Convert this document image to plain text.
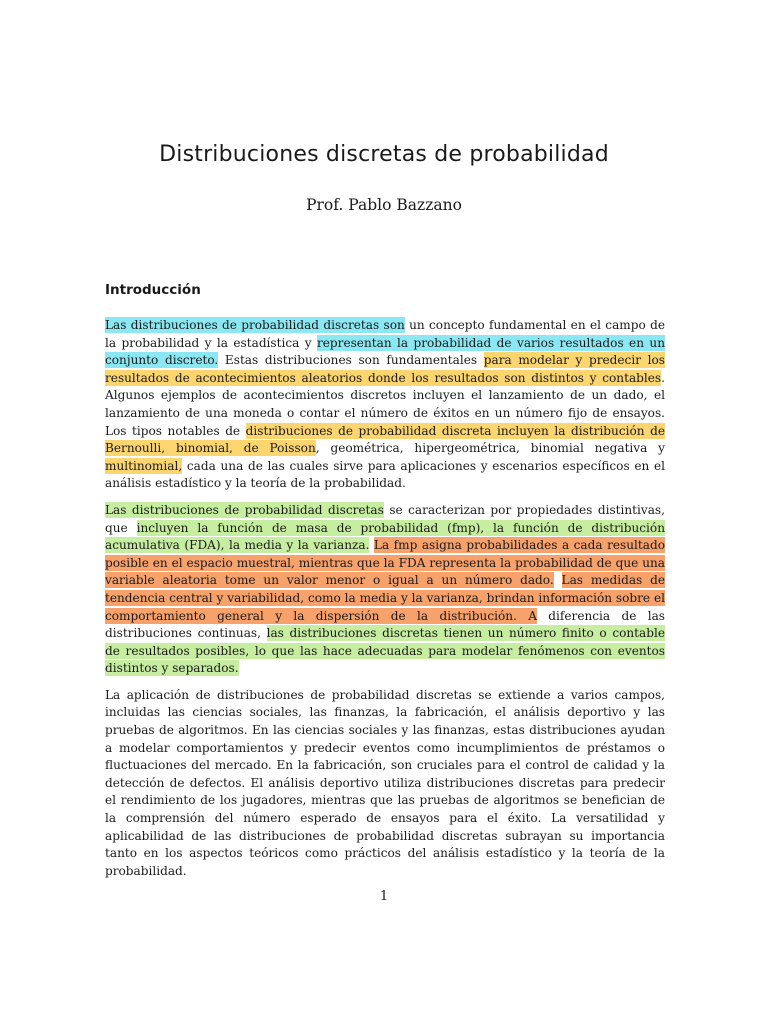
Distribuciones discretas de probabilidad

Prof. Pablo Bazzano

Introducción

Las distribuciones de probabilidad discretas son un concepto fundamental en el campo de la probabilidad y la estadística y representan la probabilidad de varios resultados en un conjunto discreto. Estas distribuciones son fundamentales para modelar y predecir los resultados de acontecimientos aleatorios donde los resultados son distintos y contables. Algunos ejemplos de acontecimientos discretos incluyen el lanzamiento de un dado, el lanzamiento de una moneda o contar el número de éxitos en un número fijo de ensayos. Los tipos notables de distribuciones de probabilidad discreta incluyen la distribución de Bernoulli, binomial, de Poisson, geométrica, hipergeométrica, binomial negativa y multinomial, cada una de las cuales sirve para aplicaciones y escenarios específicos en el análisis estadístico y la teoría de la probabilidad.

Las distribuciones de probabilidad discretas se caracterizan por propiedades distintivas, que incluyen la función de masa de probabilidad (fmp), la función de distribución acumulativa (FDA), la media y la varianza. La fmp asigna probabilidades a cada resultado posible en el espacio muestral, mientras que la FDA representa la probabilidad de que una variable aleatoria tome un valor menor o igual a un número dado. Las medidas de tendencia central y variabilidad, como la media y la varianza, brindan información sobre el comportamiento general y la dispersión de la distribución. A diferencia de las distribuciones continuas, las distribuciones discretas tienen un número finito o contable de resultados posibles, lo que las hace adecuadas para modelar fenómenos con eventos distintos y separados.

La aplicación de distribuciones de probabilidad discretas se extiende a varios campos, incluidas las ciencias sociales, las finanzas, la fabricación, el análisis deportivo y las pruebas de algoritmos. En las ciencias sociales y las finanzas, estas distribuciones ayudan a modelar comportamientos y predecir eventos como incumplimientos de préstamos o fluctuaciones del mercado. En la fabricación, son cruciales para el control de calidad y la detección de defectos. El análisis deportivo utiliza distribuciones discretas para predecir el rendimiento de los jugadores, mientras que las pruebas de algoritmos se benefician de la comprensión del número esperado de ensayos para el éxito. La versatilidad y aplicabilidad de las distribuciones de probabilidad discretas subrayan su importancia tanto en los aspectos teóricos como prácticos del análisis estadístico y la teoría de la probabilidad.

1
